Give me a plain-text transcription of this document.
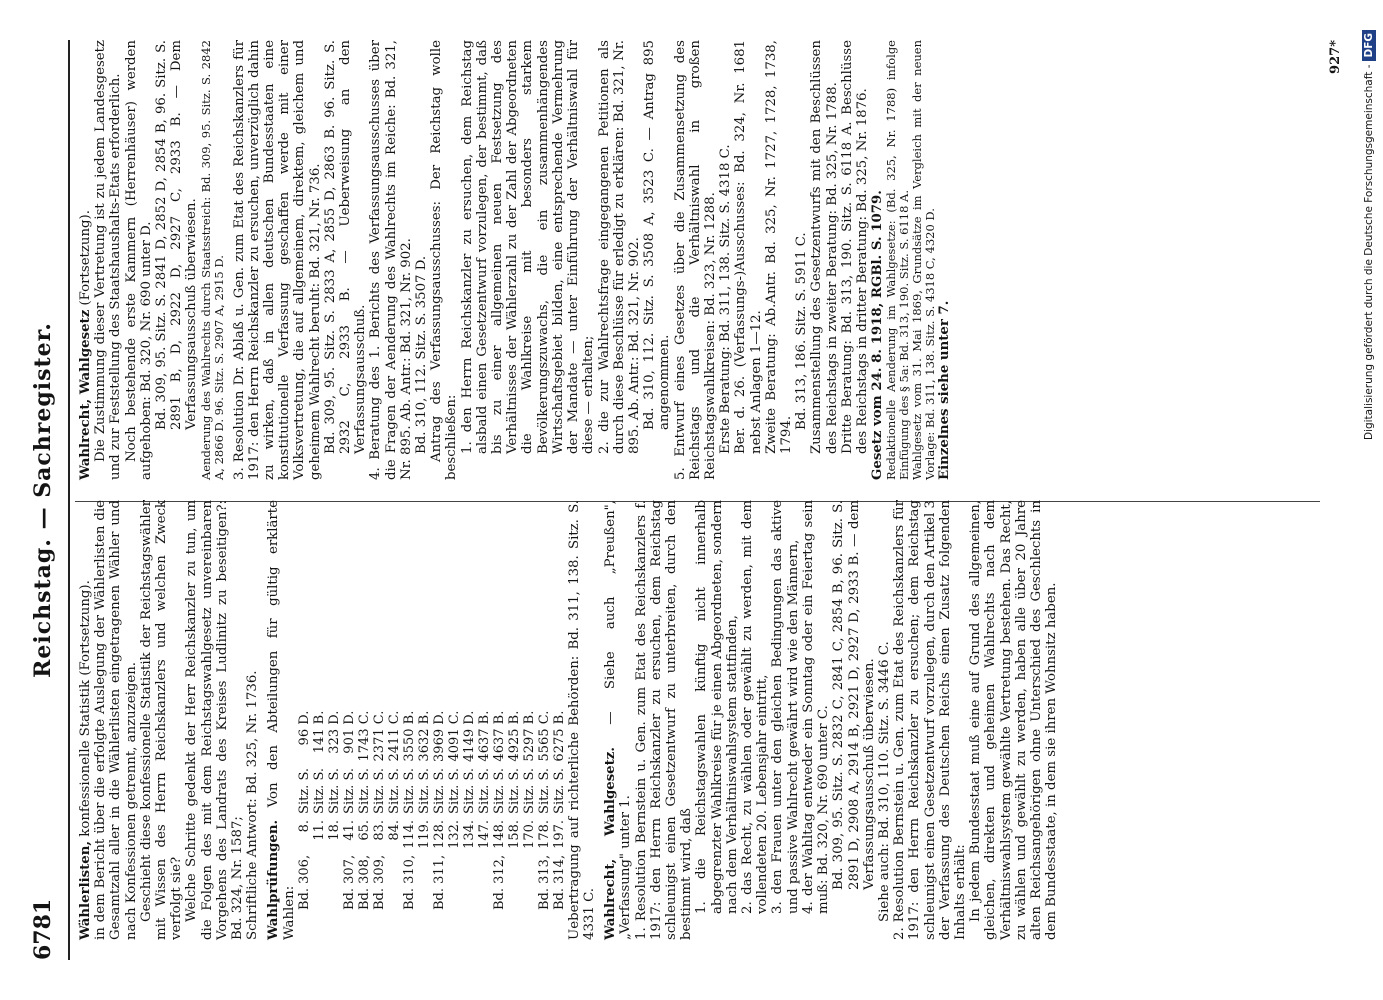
6781
Reichstag. — Sachregister.

Wählerlisten, konfessionelle Statistik (Fortsetzung). in dem Bericht über die erfolgte Auslegung der Wählerlisten die Gesamtzahl aller in die Wählerlisten eingetragenen Wähler und nach Konfessionen getrennt, anzuzeigen. Geschieht diese konfessionelle Statistik der Reichstagswähler mit Wissen des Herrn Reichskanzlers und welchen Zweck verfolgt sie? Welche Schritte gedenkt der Herr Reichskanzler zu tun, um die Folgen des mit dem Reichstagswahlgesetz unvereinbaren Vorgehens des Landrats des Kreises Ludlinitz zu beseitigen?: Bd. 324, Nr. 1587; Schriftliche Antwort: Bd. 325, Nr. 1736. Wahlprüfungen. Von den Abteilungen für gültig erklärte Wahlen:

Bd. 306,	8.	Sitz. S.	96 D.
	11.	Sitz. S.	141 B.
	18.	Sitz. S.	323 D.
Bd. 307,	41.	Sitz. S.	901 D.
Bd. 308,	65.	Sitz. S.	1743 C.
Bd. 309,	83.	Sitz. S.	2371 C.
	84.	Sitz. S.	2411 C.
Bd. 310,	114.	Sitz. S.	3550 B.
	119.	Sitz. S.	3632 B.
Bd. 311,	128.	Sitz. S.	3969 D.
	132.	Sitz. S.	4091 C.
	134.	Sitz. S.	4149 D.
	147.	Sitz. S.	4637 B.
Bd. 312,	148.	Sitz. S.	4637 B.
	158.	Sitz. S.	4925 B.
	170.	Sitz. S.	5297 B.
Bd. 313,	178.	Sitz. S.	5565 C.
Bd. 314,	197.	Sitz. S.	6275 B. Uebertragung auf richterliche Behörden: Bd. 311, 138. Sitz. S. 4331 C. Wahlrecht, Wahlgesetz. — Siehe auch „Preußen", „Verfassung" unter 1. 1. Resolution Bernstein u. Gen. zum Etat des Reichskanzlers f. 1917: den Herrn Reichskanzler zu ersuchen, dem Reichstag schleunigst einen Gesetzentwurf zu unterbreiten, durch den bestimmt wird, daß 1. die Reichstagswahlen künftig nicht innerhalb abgegrenzter Wahlkreise für je einen Abgeordneten, sondern nach dem Verhältniswahlsystem stattfinden, 2. das Recht, zu wählen oder gewählt zu werden, mit dem vollendeten 20. Lebensjahr eintritt, 3. den Frauen unter den gleichen Bedingungen das aktive und passive Wahlrecht gewährt wird wie den Männern, 4. der Wahltag entweder ein Sonntag oder ein Feiertag sein muß: Bd. 320, Nr. 690 unter C. Bd. 309, 95. Sitz. S. 2832 C, 2841 C, 2854 B, 96. Sitz. S. 2891 D, 2908 A, 2914 B, 2921 D, 2927 D, 2933 B. — dem Verfassungsausschuß überwiesen. Siehe auch: Bd. 310, 110. Sitz. S. 3446 C. 2. Resolution Bernstein u. Gen. zum Etat des Reichskanzlers für 1917: den Herrn Reichskanzler zu ersuchen; dem Reichstag schleunigst einen Gesetzentwurf vorzulegen, durch den Artikel 3 der Verfassung des Deutschen Reichs einen Zusatz folgenden Inhalts erhält: In jedem Bundesstaat muß eine auf Grund des allgemeinen, gleichen, direkten und geheimen Wahlrechts nach dem Verhältniswahlsystem gewählte Vertretung bestehen. Das Recht, zu wählen und gewählt zu werden, haben alle über 20 Jahre alten Reichsangehörigen ohne Unterschied des Geschlechts in dem Bundesstaate, in dem sie ihren Wohnsitz haben.

Wahlrecht, Wahlgesetz (Fortsetzung). Die Zustimmung dieser Vertretung ist zu jedem Landesgesetz und zur Feststellung des Staatshaushalts-Etats erforderlich. Noch bestehende erste Kammern (Herrenhäuser) werden aufgehoben: Bd. 320, Nr. 690 unter D. Bd. 309, 95. Sitz. S. 2841 D, 2852 D, 2854 B, 96. Sitz. S. 2891 B, D, 2922 D, 2927 C, 2933 B. — Dem Verfassungsausschuß überwiesen. Aenderung des Wahlrechts durch Staatsstreich: Bd. 309, 95. Sitz. S. 2842 A, 2866 D. 96. Sitz. S. 2907 A, 2915 D. 3. Resolution Dr. Ablaß u. Gen. zum Etat des Reichskanzlers für 1917: den Herrn Reichskanzler zu ersuchen, unverzüglich dahin zu wirken, daß in allen deutschen Bundesstaaten eine konstitutionelle Verfassung geschaffen werde mit einer Volksvertretung, die auf allgemeinem, direktem, gleichem und geheimem Wahlrecht beruht: Bd. 321, Nr. 736. Bd. 309, 95. Sitz. S. 2833 A, 2855 D, 2863 B. 96. Sitz. S. 2932 C, 2933 B. — Ueberweisung an den Verfassungsausschuß. 4. Beratung des 1. Berichts des Verfassungsausschusses über die Fragen der Aenderung des Wahlrechts im Reiche: Bd. 321, Nr. 895. Ab. Antr.: Bd. 321, Nr. 902. Bd. 310, 112. Sitz. S. 3507 D. Antrag des Verfassungsausschusses: Der Reichstag wolle beschließen: 1. den Herrn Reichskanzler zu ersuchen, dem Reichstag alsbald einen Gesetzentwurf vorzulegen, der bestimmt, daß bis zu einer allgemeinen neuen Festsetzung des Verhältnisses der Wählerzahl zu der Zahl der Abgeordneten die Wahlkreise mit besonders starkem Bevölkerungszuwachs, die ein zusammenhängendes Wirtschaftsgebiet bilden, eine entsprechende Vermehrung der Mandate — unter Einführung der Verhältniswahl für diese — erhalten; 2. die zur Wahlrechtsfrage eingegangenen Petitionen als durch diese Beschlüsse für erledigt zu erklären: Bd. 321, Nr. 895. Ab. Antr.: Bd. 321, Nr. 902. Bd. 310, 112. Sitz. S. 3508 A, 3523 C. — Antrag 895 angenommen. 5. Entwurf eines Gesetzes über die Zusammensetzung des Reichstags und die Verhältniswahl in großen Reichstagswahlkreisen: Bd. 323, Nr. 1288. Erste Beratung: Bd. 311, 138. Sitz. S. 4318 C. Ber. d. 26. (Verfassungs-)Ausschusses: Bd. 324, Nr. 1681 nebst Anlagen 1—12. Zweite Beratung: Ab.Antr. Bd. 325, Nr. 1727, 1728, 1738, 1794.

Bd. 313, 186. Sitz. S. 5911 C. Zusammenstellung des Gesetzentwurfs mit den Beschlüssen des Reichstags in zweiter Beratung: Bd. 325, Nr. 1788. Dritte Beratung: Bd. 313, 190. Sitz. S. 6118 A. Beschlüsse des Reichstags in dritter Beratung: Bd. 325, Nr. 1876. Gesetz vom 24. 8. 1918, RGBl. S. 1079. Redaktionelle Aenderung im Wahlgesetze: (Bd. 325, Nr. 1788) infolge Einfügung des § 5a: Bd. 313, 190. Sitz. S. 6118 A. Wahlgesetz vom 31. Mai 1869, Grundsätze im Vergleich mit der neuen Vorlage: Bd. 311, 138. Sitz. S. 4318 C, 4320 D. Einzelnes siehe unter 7.

927*
Digitalisierung gefördert durch die Deutsche Forschungsgemeinschaft -DFG
